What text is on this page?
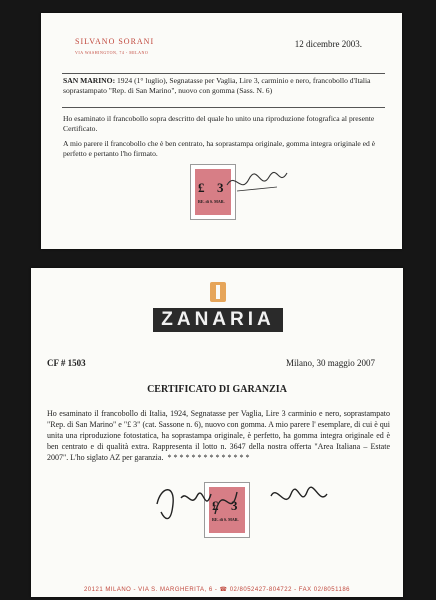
SILVANO SORANI
VIA WASHINGTON, 74 - MILANO
12 dicembre 2003.
SAN MARINO: 1924 (1° luglio), Segnatasse per Vaglia, Lire 3, carminio e nero, francobollo d'Italia soprastampato "Rep. di San Marino", nuovo con gomma (Sass. N. 6)
Ho esaminato il francobollo sopra descritto del quale ho unito una riproduzione fotografica al presente Certificato.
A mio parere il francobollo che è ben centrato, ha soprastampa originale, gomma integra originale ed è perfetto e pertanto l'ho firmato.
£ 3
RE. di S. MAR.
ZANARIA
CF # 1503	Milano, 30 maggio 2007
CERTIFICATO DI GARANZIA
Ho esaminato il francobollo di Italia, 1924, Segnatasse per Vaglia, Lire 3 carminio e nero, soprastampato "Rep. di San Marino" e "£ 3" (cat. Sassone n. 6), nuovo con gomma. A mio parere l' esemplare, di cui è qui unita una riproduzione fotostatica, ha soprastampa originale, è perfetto, ha gomma integra originale ed è ben centrato e di qualità extra. Rappresenta il lotto n. 3647 della nostra offerta "Area Italiana – Estate 2007". L'ho siglato AZ per garanzia.  * * * * * * * * * * * * * *
£ 3
RE. di S. MAR.
20121 MILANO - VIA S. MARGHERITA, 6 - ☎ 02/8052427-804722 - FAX 02/8051186
